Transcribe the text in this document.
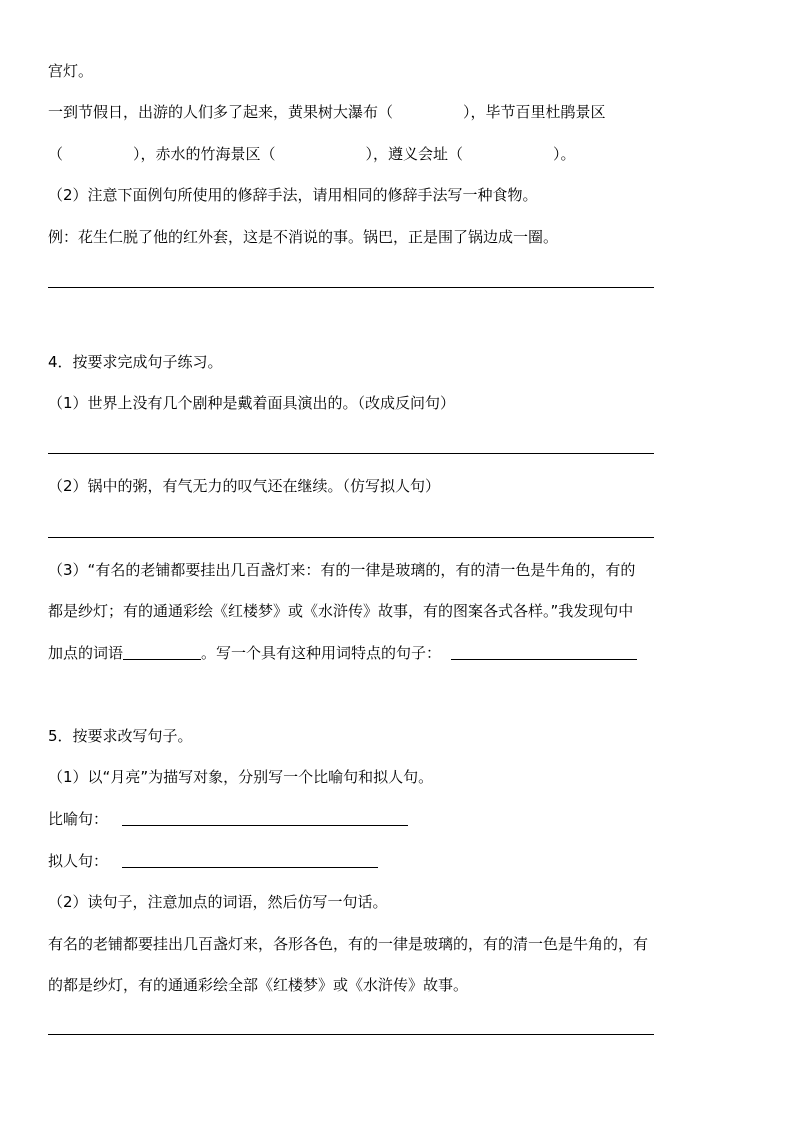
宫灯。
一到节假日，出游的人们多了起来，黄果树大瀑布（	），毕节百里杜鹃景区
（	），赤水的竹海景区（	），遵义会址（	）。
（2）注意下面例句所使用的修辞手法，请用相同的修辞手法写一种食物。
例：花生仁脱了他的红外套，这是不消说的事。锅巴，正是围了锅边成一圈。
4．按要求完成句子练习。
（1）世界上没有几个剧种是戴着面具演出的。（改成反问句）
（2）锅中的粥，有气无力的叹气还在继续。（仿写拟人句）
（3）“有名的老铺都要挂出几百盏灯来：有的一律是玻璃的，有的清一色是牛角的，有的
都是纱灯；有的通通彩绘《红楼梦》或《水浒传》故事，有的图案各式各样。”我发现句中
加点的词语	。写一个具有这种用词特点的句子：
5．按要求改写句子。
（1）以“月亮”为描写对象，分别写一个比喻句和拟人句。
比喻句：
拟人句：
（2）读句子，注意加点的词语，然后仿写一句话。
有名的老铺都要挂出几百盏灯来，各形各色，有的一律是玻璃的，有的清一色是牛角的，有
的都是纱灯，有的通通彩绘全部《红楼梦》或《水浒传》故事。
